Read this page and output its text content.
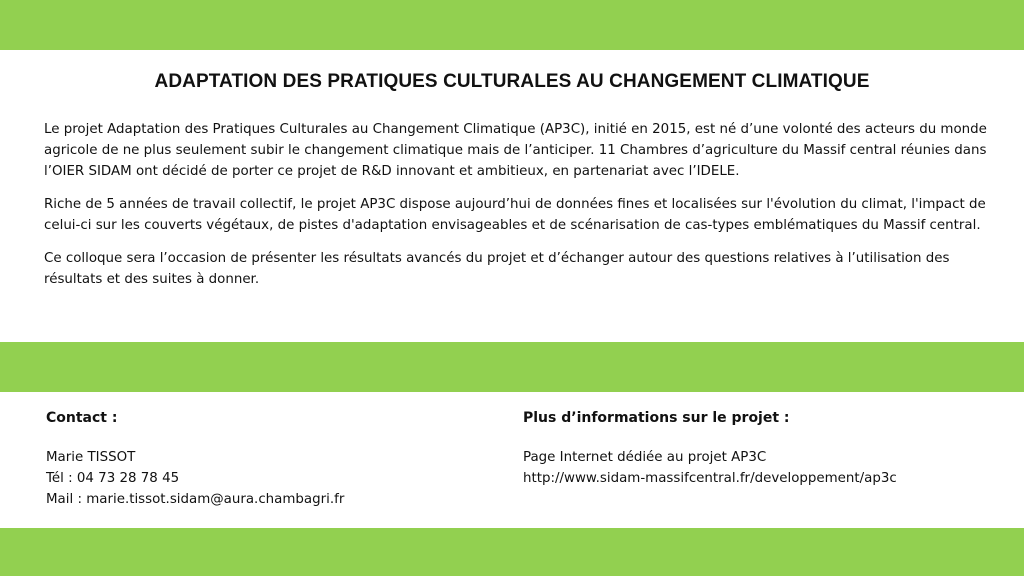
ADAPTATION DES PRATIQUES CULTURALES AU CHANGEMENT CLIMATIQUE

Le projet Adaptation des Pratiques Culturales au Changement Climatique (AP3C), initié en 2015, est né d’une volonté des acteurs du monde agricole de ne plus seulement subir le changement climatique mais de l’anticiper. 11 Chambres d’agriculture du Massif central réunies dans l’OIER SIDAM ont décidé de porter ce projet de R&D innovant et ambitieux, en partenariat avec l’IDELE.

Riche de 5 années de travail collectif, le projet AP3C dispose aujourd’hui de données fines et localisées sur l'évolution du climat, l'impact de celui-ci sur les couverts végétaux, de pistes d'adaptation envisageables et de scénarisation de cas-types emblématiques du Massif central.

Ce colloque sera l’occasion de présenter les résultats avancés du projet et d’échanger autour des questions relatives à l’utilisation des résultats et des suites à donner.

Contact :
Marie TISSOT
Tél : 04 73 28 78 45
Mail : marie.tissot.sidam@aura.chambagri.fr
Plus d’informations sur le projet :
Page Internet dédiée au projet AP3C
http://www.sidam-massifcentral.fr/developpement/ap3c
